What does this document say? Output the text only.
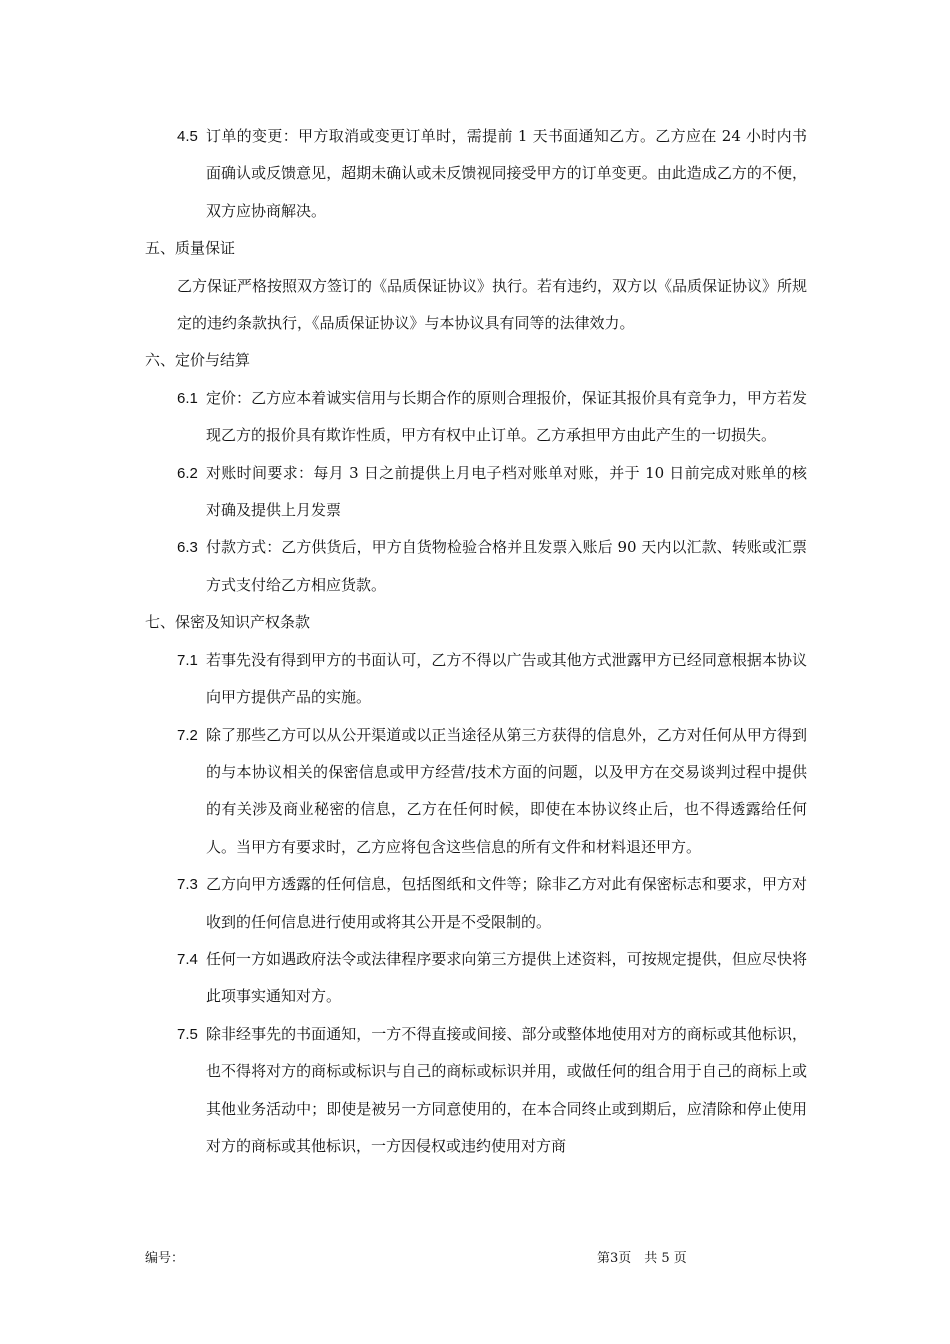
4.5 订单的变更：甲方取消或变更订单时，需提前 1 天书面通知乙方。乙方应在 24 小时内书面确认或反馈意见，超期未确认或未反馈视同接受甲方的订单变更。由此造成乙方的不便，双方应协商解决。
五、质量保证
乙方保证严格按照双方签订的《品质保证协议》执行。若有违约，双方以《品质保证协议》所规定的违约条款执行，《品质保证协议》与本协议具有同等的法律效力。
六、定价与结算
6.1 定价：乙方应本着诚实信用与长期合作的原则合理报价，保证其报价具有竞争力，甲方若发现乙方的报价具有欺诈性质，甲方有权中止订单。乙方承担甲方由此产生的一切损失。
6.2 对账时间要求：每月 3 日之前提供上月电子档对账单对账，并于 10 日前完成对账单的核对确及提供上月发票
6.3 付款方式：乙方供货后，甲方自货物检验合格并且发票入账后 90 天内以汇款、转账或汇票方式支付给乙方相应货款。
七、保密及知识产权条款
7.1 若事先没有得到甲方的书面认可，乙方不得以广告或其他方式泄露甲方已经同意根据本协议向甲方提供产品的实施。
7.2 除了那些乙方可以从公开渠道或以正当途径从第三方获得的信息外，乙方对任何从甲方得到的与本协议相关的保密信息或甲方经营/技术方面的问题，以及甲方在交易谈判过程中提供的有关涉及商业秘密的信息，乙方在任何时候，即使在本协议终止后，也不得透露给任何人。当甲方有要求时，乙方应将包含这些信息的所有文件和材料退还甲方。
7.3 乙方向甲方透露的任何信息，包括图纸和文件等；除非乙方对此有保密标志和要求，甲方对收到的任何信息进行使用或将其公开是不受限制的。
7.4 任何一方如遇政府法令或法律程序要求向第三方提供上述资料，可按规定提供，但应尽快将此项事实通知对方。
7.5 除非经事先的书面通知，一方不得直接或间接、部分或整体地使用对方的商标或其他标识，也不得将对方的商标或标识与自己的商标或标识并用，或做任何的组合用于自己的商标上或其他业务活动中；即使是被另一方同意使用的，在本合同终止或到期后，应清除和停止使用对方的商标或其他标识，一方因侵权或违约使用对方商
编号：	第3页　共 5 页
